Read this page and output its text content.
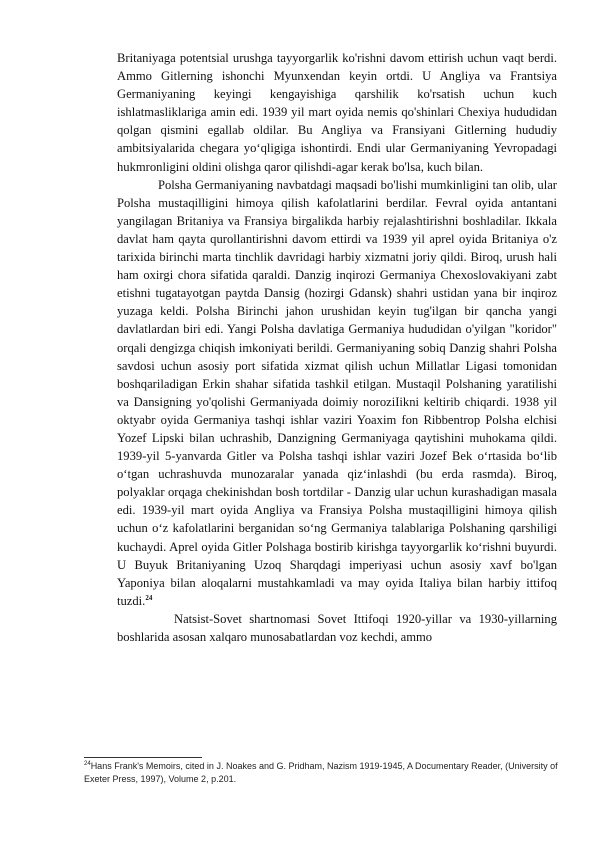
Britaniyaga potentsial urushga tayyorgarlik ko'rishni davom ettirish uchun vaqt berdi. Ammo Gitlerning ishonchi Myunxendan keyin ortdi. U Angliya va Frantsiya Germaniyaning keyingi kengayishiga qarshilik ko'rsatish uchun kuch ishlatmasliklariga amin edi. 1939 yil mart oyida nemis qo'shinlari Chexiya hududidan qolgan qismini egallab oldilar. Bu Angliya va Fransiyani Gitlerning hududiy ambitsiyalarida chegara yo‘qligiga ishontirdi. Endi ular Germaniyaning Yevropadagi hukmronligini oldini olishga qaror qilishdi-agar kerak bo'lsa, kuch bilan.

Polsha Germaniyaning navbatdagi maqsadi bo'lishi mumkinligini tan olib, ular Polsha mustaqilligini himoya qilish kafolatlarini berdilar. Fevral oyida antantani yangilagan Britaniya va Fransiya birgalikda harbiy rejalashtirishni boshladilar. Ikkala davlat ham qayta qurollantirishni davom ettirdi va 1939 yil aprel oyida Britaniya o'z tarixida birinchi marta tinchlik davridagi harbiy xizmatni joriy qildi. Biroq, urush hali ham oxirgi chora sifatida qaraldi. Danzig inqirozi Germaniya Chexoslovakiyani zabt etishni tugatayotgan paytda Dansig (hozirgi Gdansk) shahri ustidan yana bir inqiroz yuzaga keldi. Polsha Birinchi jahon urushidan keyin tug'ilgan bir qancha yangi davlatlardan biri edi. Yangi Polsha davlatiga Germaniya hududidan o'yilgan "koridor" orqali dengizga chiqish imkoniyati berildi. Germaniyaning sobiq Danzig shahri Polsha savdosi uchun asosiy port sifatida xizmat qilish uchun Millatlar Ligasi tomonidan boshqariladigan Erkin shahar sifatida tashkil etilgan. Mustaqil Polshaning yaratilishi va Dansigning yo'qolishi Germaniyada doimiy noroziIikni keltirib chiqardi. 1938 yil oktyabr oyida Germaniya tashqi ishlar vaziri Yoaxim fon Ribbentrop Polsha elchisi Yozef Lipski bilan uchrashib, Danzigning Germaniyaga qaytishini muhokama qildi. 1939-yil 5-yanvarda Gitler va Polsha tashqi ishlar vaziri Jozef Bek o‘rtasida bo‘lib o‘tgan uchrashuvda munozaralar yanada qiz‘inlashdi (bu erda rasmda). Biroq, polyaklar orqaga chekinishdan bosh tortdilar - Danzig ular uchun kurashadigan masala edi. 1939-yil mart oyida Angliya va Fransiya Polsha mustaqilligini himoya qilish uchun o‘z kafolatlarini berganidan so‘ng Germaniya talablariga Polshaning qarshiligi kuchaydi. Aprel oyida Gitler Polshaga bostirib kirishga tayyorgarlik ko‘rishni buyurdi. U Buyuk Britaniyaning Uzoq Sharqdagi imperiyasi uchun asosiy xavf bo'lgan Yaponiya bilan aloqalarni mustahkamladi va may oyida Italiya bilan harbiy ittifoq tuzdi.$^{24}$

Natsist-Sovet shartnomasi Sovet Ittifoqi 1920-yillar va 1930-yillarning boshlarida asosan xalqaro munosabatlardan voz kechdi, ammo

$^{24}$Hans Frank's Memoirs, cited in J. Noakes and G. Pridham, Nazism 1919-1945, A Documentary Reader, (University of Exeter Press, 1997), Volume 2, p.201.
